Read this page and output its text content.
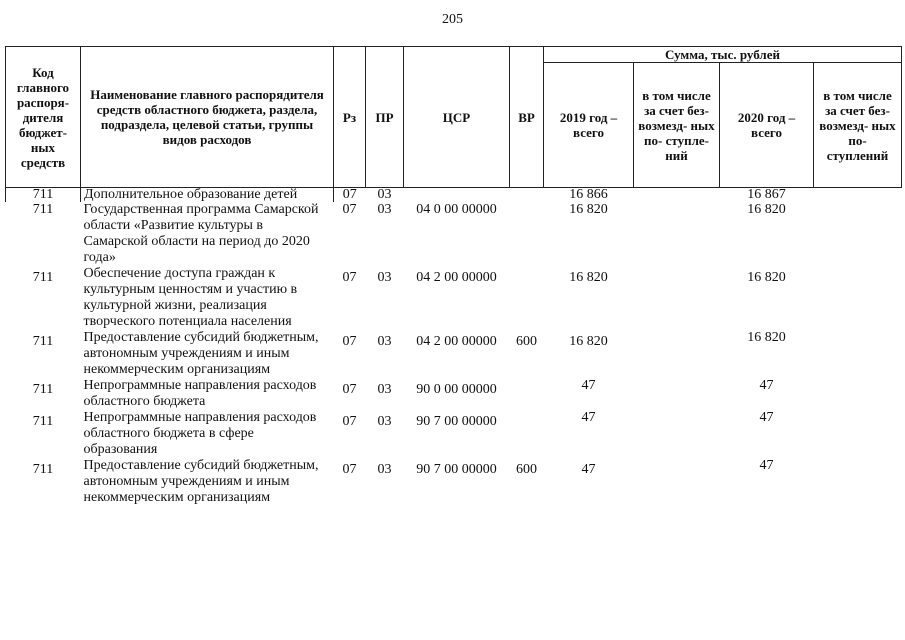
205
Код главного распоря- дителя бюджет- ных средств	Наименование главного распорядителя средств областного бюджета, раздела, подраздела, целевой статьи, группы видов расходов	Рз	ПР	ЦСР	ВР	Сумма, тыс. рублей			
						2019 год – всего	в том числе за счет без- возмезд- ных по- ступле- ний	2020 год – всего	в том числе за счет без- возмезд- ных по- ступлений
711	Дополнительное образование детей	07	03			16 866		16 867	
711	Государственная программа Самарской области «Развитие культуры в Самарской области на период до 2020 года»	07	03	04 0 00 00000		16 820		16 820	
711	Обеспечение доступа граждан к культурным ценностям и участию в культурной жизни, реализация творческого потенциала населения	07	03	04 2 00 00000		16 820		16 820	
711	Предоставление субсидий бюджетным, автономным учреждениям и иным некоммерческим организациям	07	03	04 2 00 00000	600	16 820		16 820	
711	Непрограммные направления расходов областного бюджета	07	03	90 0 00 00000		47		47	
711	Непрограммные направления расходов областного бюджета в сфере образования	07	03	90 7 00 00000		47		47	
711	Предоставление субсидий бюджетным, автономным учреждениям и иным некоммерческим организациям	07	03	90 7 00 00000	600	47		47	
